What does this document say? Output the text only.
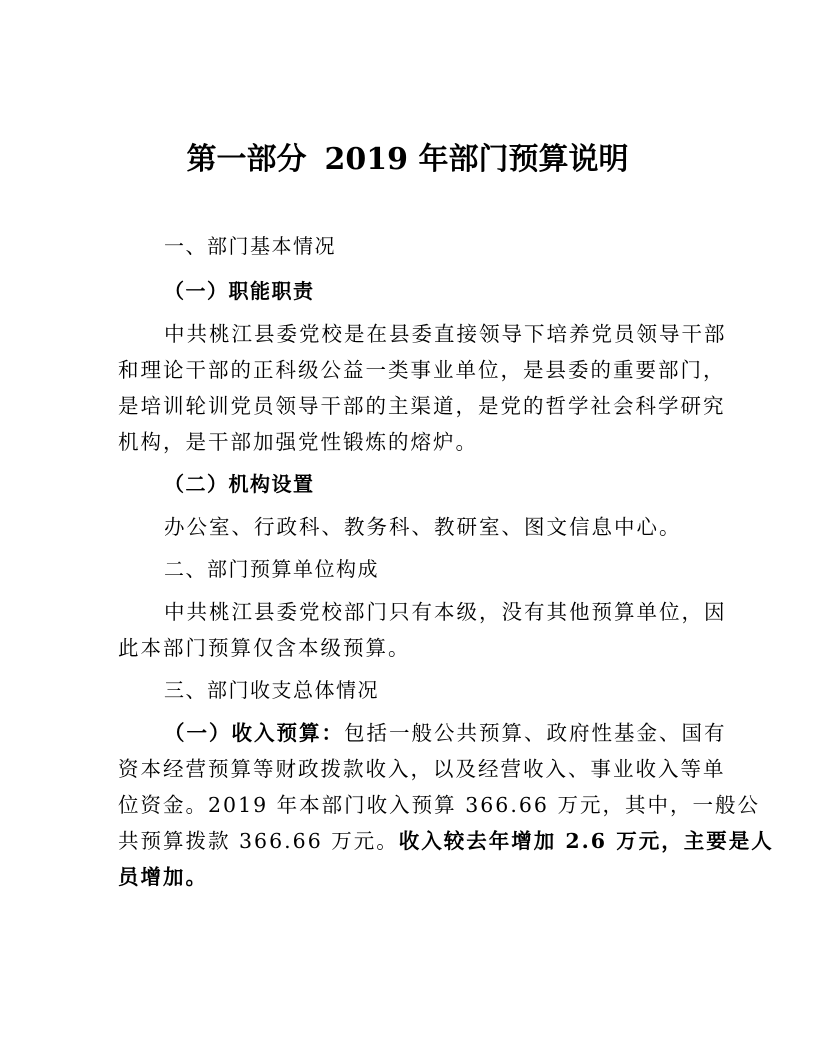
第一部分 2019 年部门预算说明
一、部门基本情况
（一）职能职责
中共桃江县委党校是在县委直接领导下培养党员领导干部
和理论干部的正科级公益一类事业单位，是县委的重要部门，
是培训轮训党员领导干部的主渠道，是党的哲学社会科学研究
机构，是干部加强党性锻炼的熔炉。
（二）机构设置
办公室、行政科、教务科、教研室、图文信息中心。
二、部门预算单位构成
中共桃江县委党校部门只有本级，没有其他预算单位，因
此本部门预算仅含本级预算。
三、部门收支总体情况
（一）收入预算：包括一般公共预算、政府性基金、国有
资本经营预算等财政拨款收入，以及经营收入、事业收入等单
位资金。2019 年本部门收入预算 366.66 万元，其中，一般公
共预算拨款 366.66 万元。收入较去年增加 2.6 万元，主要是人
员增加。
